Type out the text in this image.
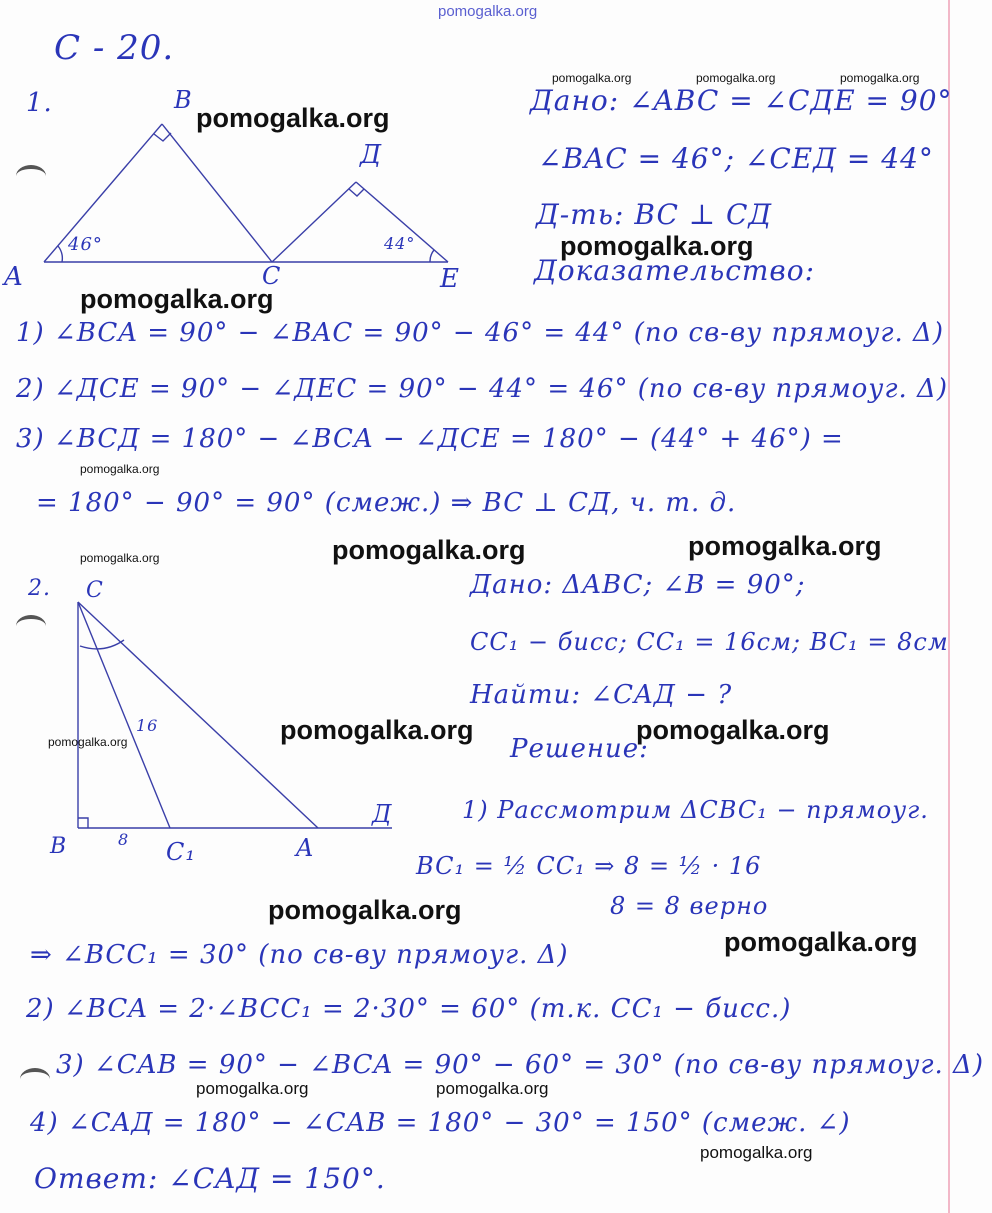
pomogalka.org
С - 20.
1.
A
B
C
Д
E
46°	44°
Дано: ∠ABC = ∠CДE = 90°
∠BAC = 46°; ∠CEД = 44°
Д-ть: BC ⊥ CД
Доказательство:
1) ∠BCA = 90° − ∠BAC = 90° − 46° = 44° (по св-ву прямоуг. Δ)
2) ∠ДCE = 90° − ∠ДEC = 90° − 44° = 46° (по св-ву прямоуг. Δ)
3) ∠BCД = 180° − ∠BCA − ∠ДCE = 180° − (44° + 46°) =
= 180° − 90° = 90° (смеж.) ⇒ BC ⊥ CД, ч. т. д.
2. C
B	C₁	A
Д
16
8
Дано: ΔABC; ∠B = 90°;
CC₁ − бисс; CC₁ = 16см; BC₁ = 8см
Найти: ∠CAД − ?
Решение:
1) Рассмотрим ΔCBC₁ − прямоуг.
BC₁ = ½ CC₁ ⇒ 8 = ½ · 16
8 = 8 верно
⇒ ∠BCC₁ = 30° (по св-ву прямоуг. Δ)
2) ∠BCA = 2·∠BCC₁ = 2·30° = 60° (т.к. CC₁ − бисс.)
3) ∠CAB = 90° − ∠BCA = 90° − 60° = 30° (по св-ву прямоуг. Δ)
4) ∠CAД = 180° − ∠CAB = 180° − 30° = 150° (смеж. ∠)
Ответ: ∠CAД = 150°.
pomogalka.org	pomogalka.org	pomogalka.org
pomogalka.org
pomogalka.org
pomogalka.org
pomogalka.org
pomogalka.org	pomogalka.org
pomogalka.org
pomogalka.org	pomogalka.org
pomogalka.org
pomogalka.org
pomogalka.org
pomogalka.org	pomogalka.org
pomogalka.org
